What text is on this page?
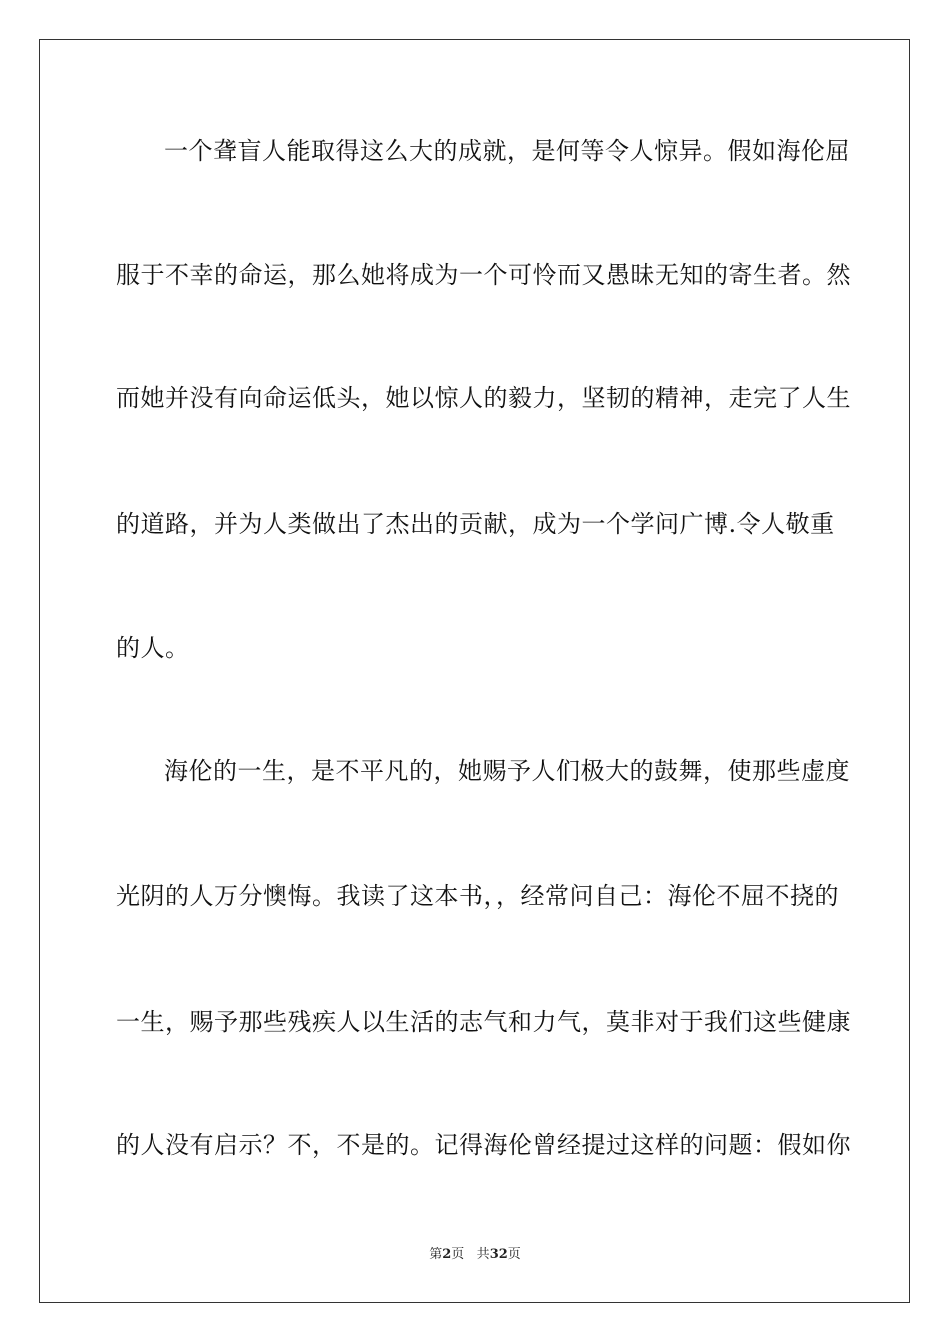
一个聋盲人能取得这么大的成就，是何等令人惊异。假如海伦屈
服于不幸的命运，那么她将成为一个可怜而又愚昧无知的寄生者。然
而她并没有向命运低头，她以惊人的毅力，坚韧的精神，走完了人生
的道路，并为人类做出了杰出的贡献，成为一个学问广博.令人敬重
的人。
海伦的一生，是不平凡的，她赐予人们极大的鼓舞，使那些虚度
光阴的人万分懊悔。我读了这本书，，经常问自己：海伦不屈不挠的
一生，赐予那些残疾人以生活的志气和力气，莫非对于我们这些健康
的人没有启示？不，不是的。记得海伦曾经提过这样的问题：假如你
第2页 共32页
